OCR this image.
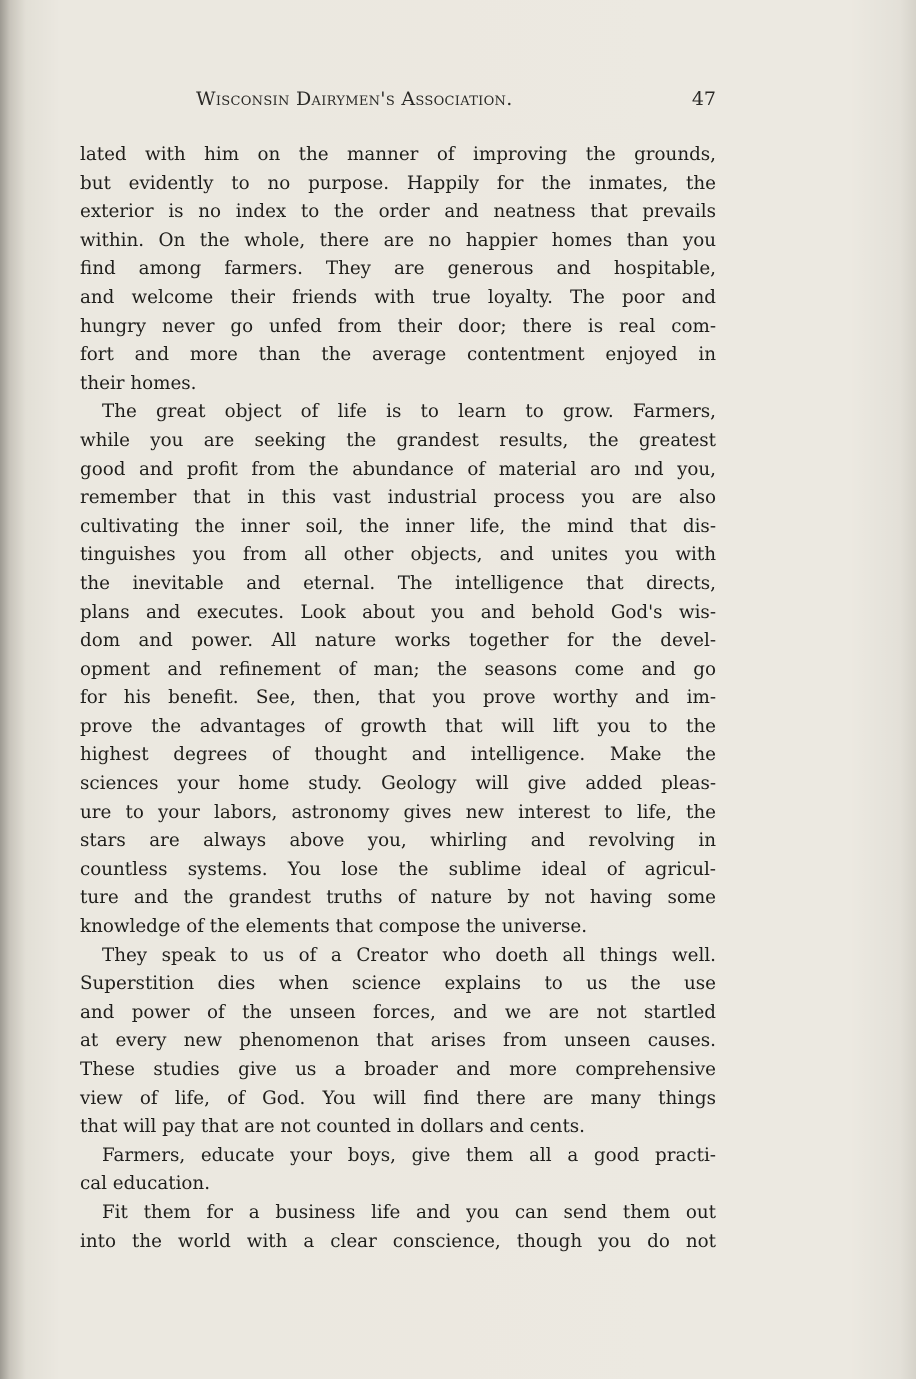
Wisconsin Dairymen's Association.	47
lated with him on the manner of improving the grounds,
but evidently to no purpose. Happily for the inmates, the
exterior is no index to the order and neatness that prevails
within. On the whole, there are no happier homes than you
find among farmers. They are generous and hospitable,
and welcome their friends with true loyalty. The poor and
hungry never go unfed from their door; there is real com-
fort and more than the average contentment enjoyed in
their homes.
The great object of life is to learn to grow. Farmers,
while you are seeking the grandest results, the greatest
good and profit from the abundance of material aro ınd you,
remember that in this vast industrial process you are also
cultivating the inner soil, the inner life, the mind that dis-
tinguishes you from all other objects, and unites you with
the inevitable and eternal. The intelligence that directs,
plans and executes. Look about you and behold God's wis-
dom and power. All nature works together for the devel-
opment and refinement of man; the seasons come and go
for his benefit. See, then, that you prove worthy and im-
prove the advantages of growth that will lift you to the
highest degrees of thought and intelligence. Make the
sciences your home study. Geology will give added pleas-
ure to your labors, astronomy gives new interest to life, the
stars are always above you, whirling and revolving in
countless systems. You lose the sublime ideal of agricul-
ture and the grandest truths of nature by not having some
knowledge of the elements that compose the universe.
They speak to us of a Creator who doeth all things well.
Superstition dies when science explains to us the use
and power of the unseen forces, and we are not startled
at every new phenomenon that arises from unseen causes.
These studies give us a broader and more comprehensive
view of life, of God. You will find there are many things
that will pay that are not counted in dollars and cents.
Farmers, educate your boys, give them all a good practi-
cal education.
Fit them for a business life and you can send them out
into the world with a clear conscience, though you do not
